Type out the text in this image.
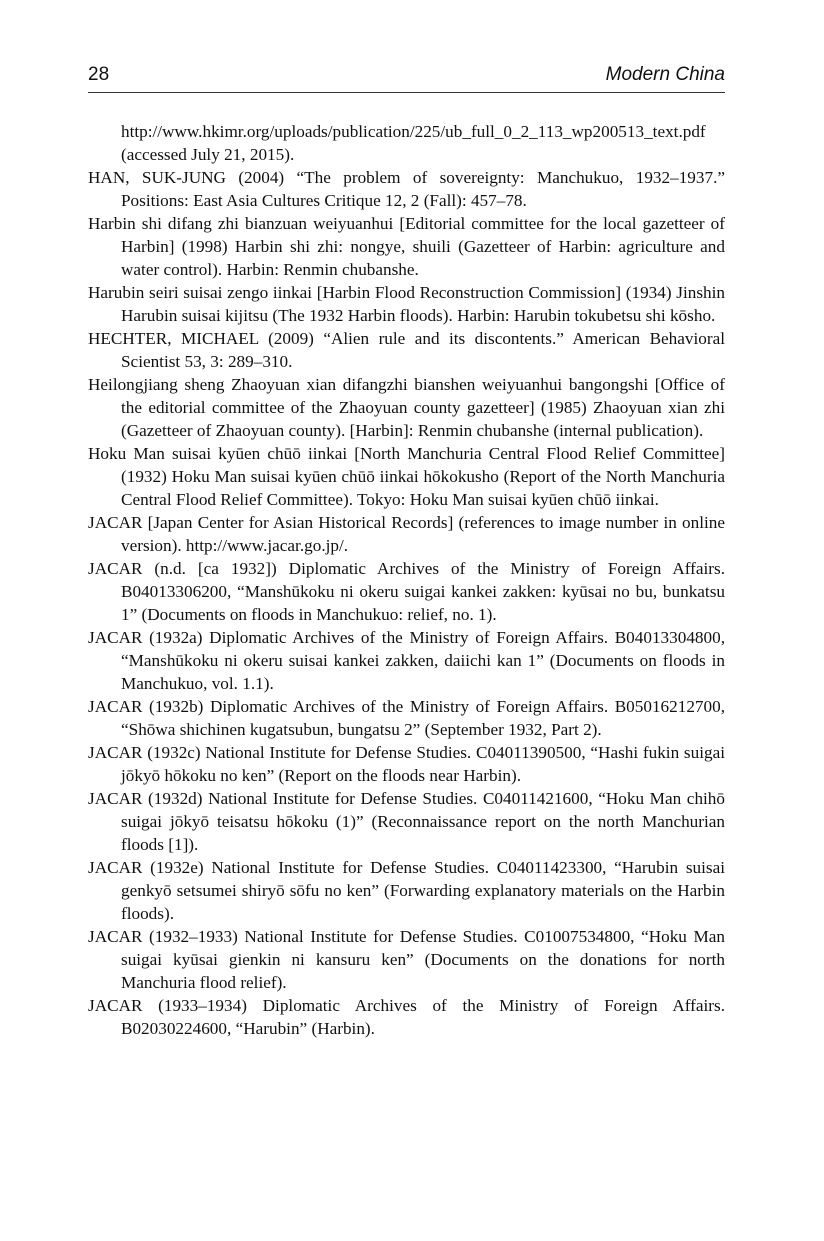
28	Modern China

http://www.hkimr.org/uploads/publication/225/ub_full_0_2_113_wp200513_​text.pdf (accessed July 21, 2015).

HAN, SUK-JUNG (2004) “The problem of sovereignty: Manchukuo, 1932–1937.” Positions: East Asia Cultures Critique 12, 2 (Fall): 457–78.

Harbin shi difang zhi bianzuan weiyuanhui [Editorial committee for the local gazetteer of Harbin] (1998) Harbin shi zhi: nongye, shuili (Gazetteer of Harbin: agriculture and water control). Harbin: Renmin chubanshe.

Harubin seiri suisai zengo iinkai [Harbin Flood Reconstruction Commission] (1934) Jinshin Harubin suisai kijitsu (The 1932 Harbin floods). Harbin: Harubin tokubetsu shi kōsho.

HECHTER, MICHAEL (2009) “Alien rule and its discontents.” American Behavioral Scientist 53, 3: 289–310.

Heilongjiang sheng Zhaoyuan xian difangzhi bianshen weiyuanhui bangongshi [Office of the editorial committee of the Zhaoyuan county gazetteer] (1985) Zhaoyuan xian zhi (Gazetteer of Zhaoyuan county). [Harbin]: Renmin chubanshe (internal publication).

Hoku Man suisai kyūen chūō iinkai [North Manchuria Central Flood Relief Committee] (1932) Hoku Man suisai kyūen chūō iinkai hōkokusho (Report of the North Manchuria Central Flood Relief Committee). Tokyo: Hoku Man suisai kyūen chūō iinkai.

JACAR [Japan Center for Asian Historical Records] (references to image number in online version). http://www.jacar.go.jp/.

JACAR (n.d. [ca 1932]) Diplomatic Archives of the Ministry of Foreign Affairs. B04013306200, “Manshūkoku ni okeru suigai kankei zakken: kyūsai no bu, bunkatsu 1” (Documents on floods in Manchukuo: relief, no. 1).

JACAR (1932a) Diplomatic Archives of the Ministry of Foreign Affairs. B04013304800, “Manshūkoku ni okeru suisai kankei zakken, daiichi kan 1” (Documents on floods in Manchukuo, vol. 1.1).

JACAR (1932b) Diplomatic Archives of the Ministry of Foreign Affairs. B05016212700, “Shōwa shichinen kugatsubun, bungatsu 2” (September 1932, Part 2).

JACAR (1932c) National Institute for Defense Studies. C04011390500, “Hashi fukin suigai jōkyō hōkoku no ken” (Report on the floods near Harbin).

JACAR (1932d) National Institute for Defense Studies. C04011421600, “Hoku Man chihō suigai jōkyō teisatsu hōkoku (1)” (Reconnaissance report on the north Manchurian floods [1]).

JACAR (1932e) National Institute for Defense Studies. C04011423300, “Harubin suisai genkyō setsumei shiryō sōfu no ken” (Forwarding explanatory materials on the Harbin floods).

JACAR (1932–1933) National Institute for Defense Studies. C01007534800, “Hoku Man suigai kyūsai gienkin ni kansuru ken” (Documents on the donations for north Manchuria flood relief).

JACAR (1933–1934) Diplomatic Archives of the Ministry of Foreign Affairs. B02030224600, “Harubin” (Harbin).
